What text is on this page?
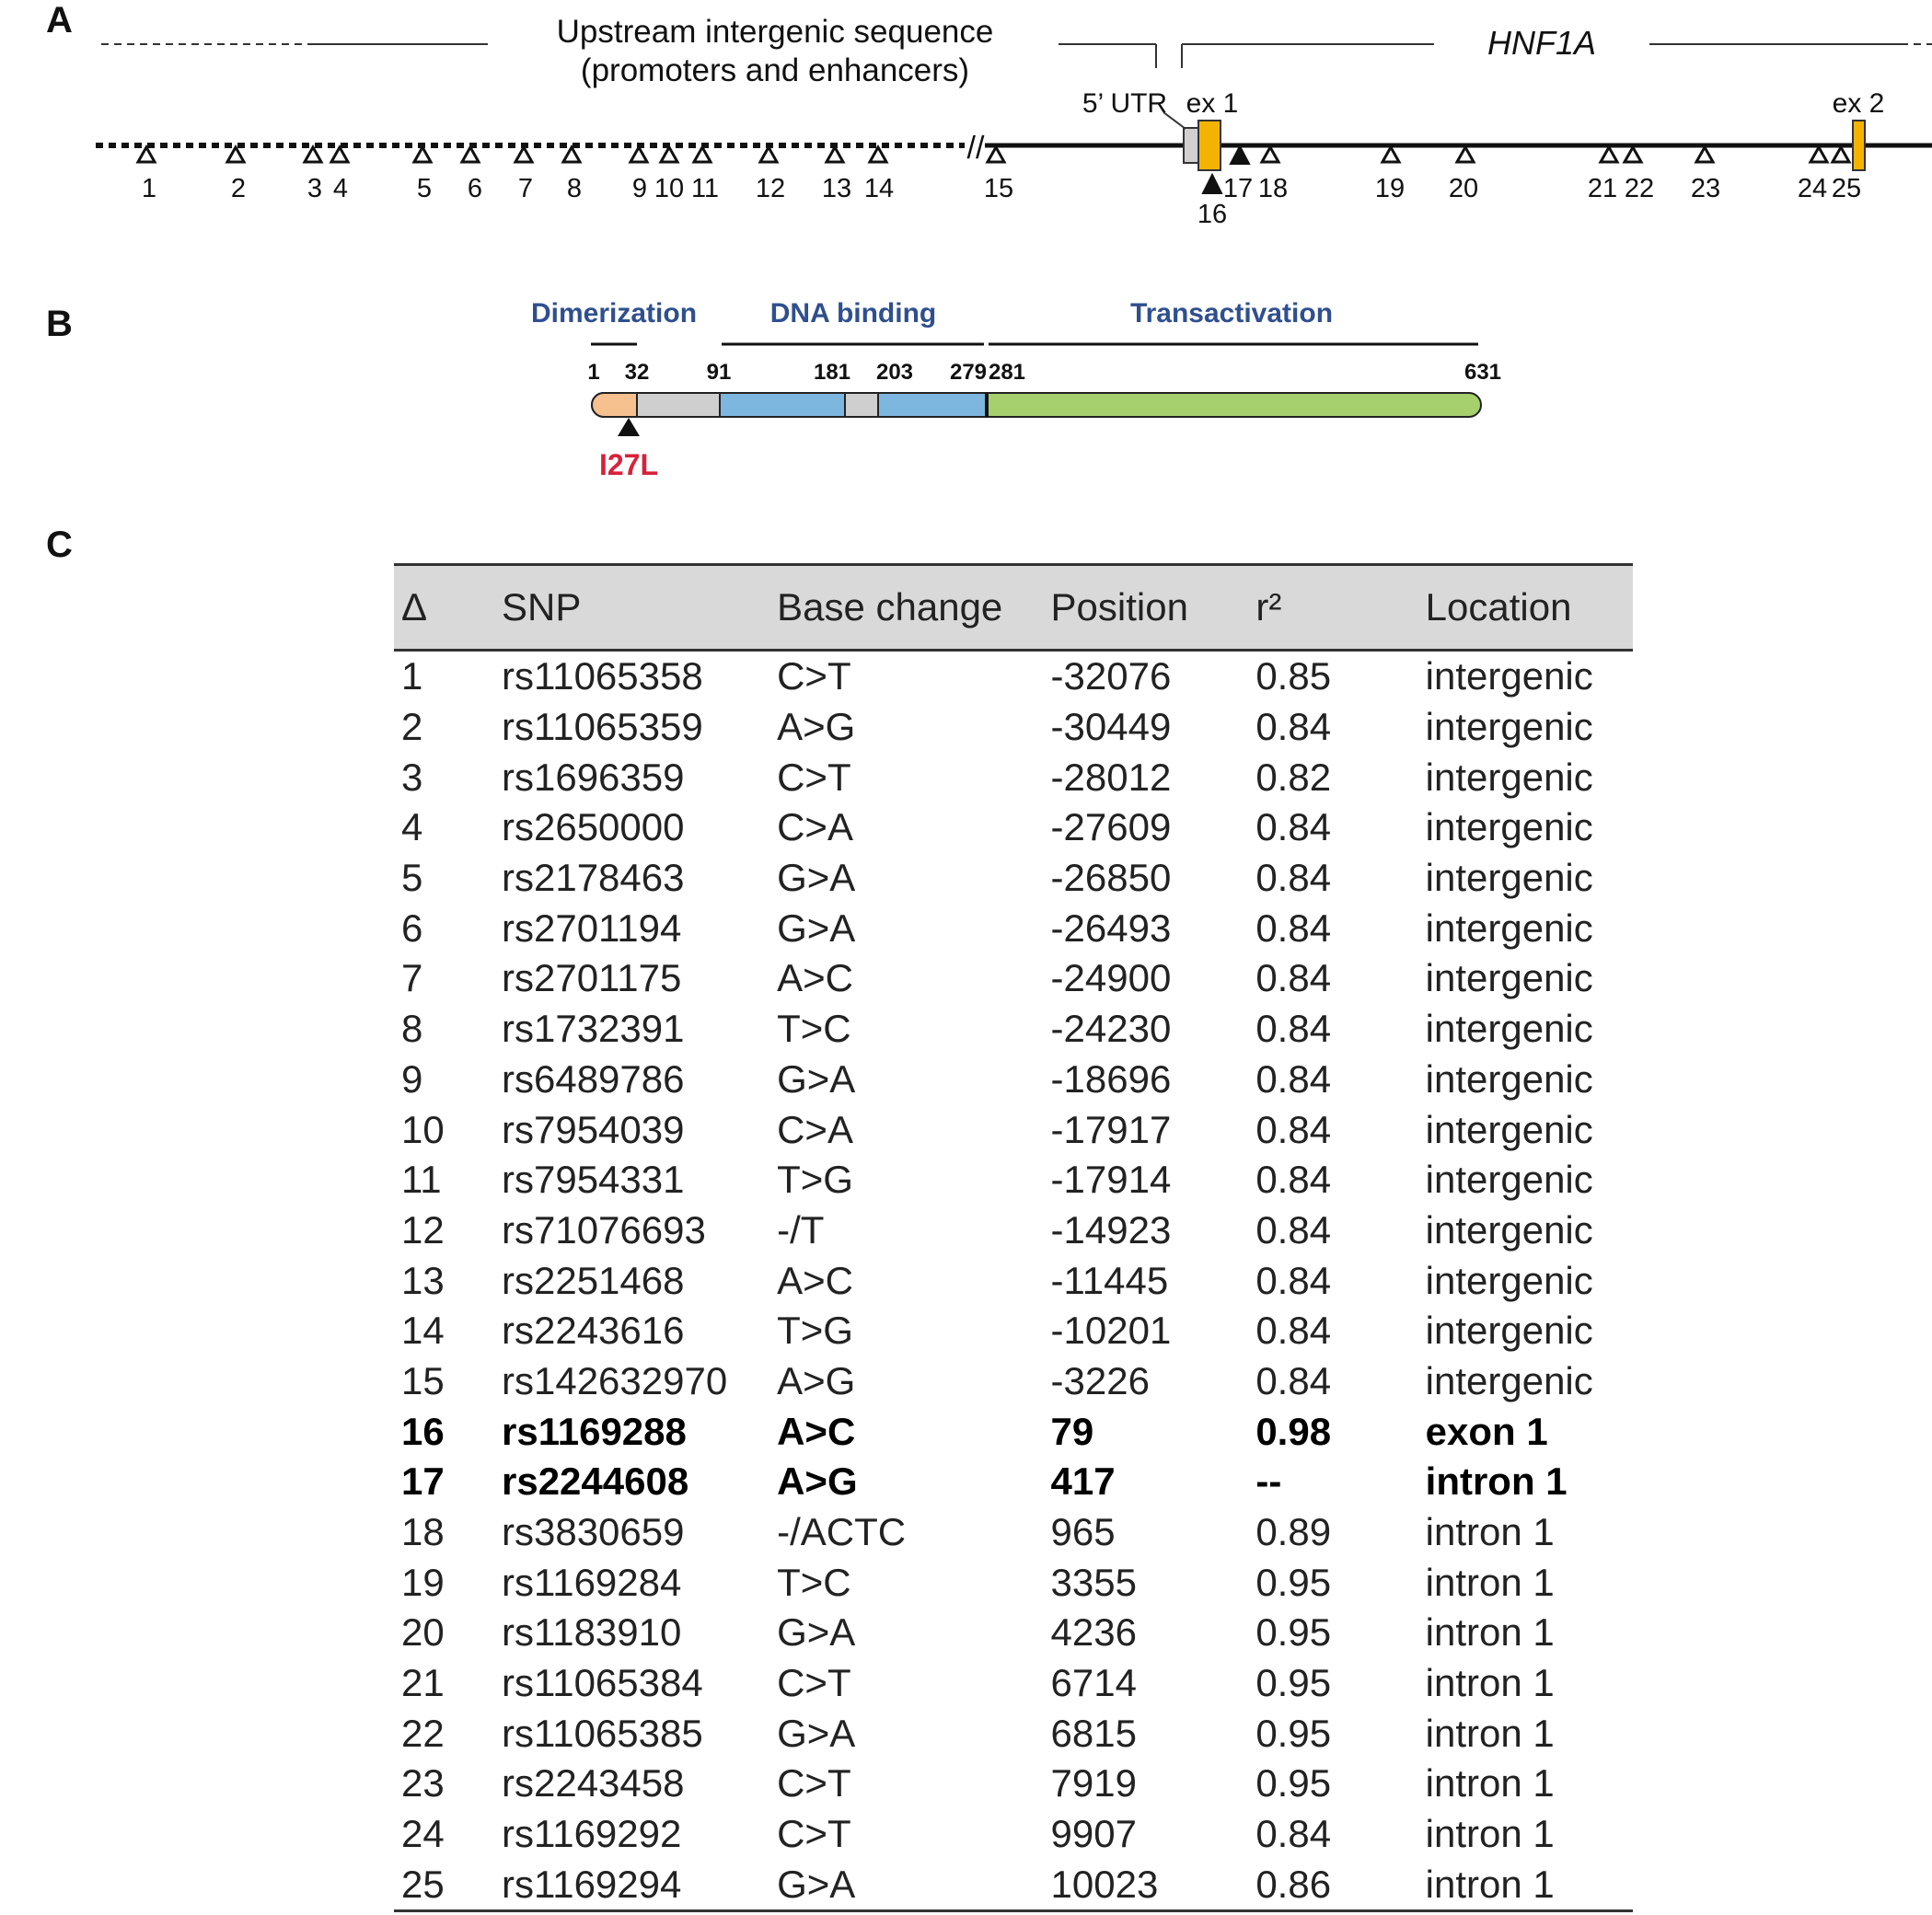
A
B
C
Upstream intergenic sequence
(promoters and enhancers)
HNF1A
//
5’ UTR ex 1	ex 2
1	2 3 4	5 6 7 8 9 10 11 12 13 14	15
16
17 18	19 20	21 22 23	24 25
Dimerization	DNA binding	Transactivation
1 32	91	181 203 279 281	631
I27L
Δ	SNP	Base change	Position	r²	Location
1	rs11065358	C>T	-32076	0.85	intergenic
2	rs11065359	A>G	-30449	0.84	intergenic
3	rs1696359	C>T	-28012	0.82	intergenic
4	rs2650000	C>A	-27609	0.84	intergenic
5	rs2178463	G>A	-26850	0.84	intergenic
6	rs2701194	G>A	-26493	0.84	intergenic
7	rs2701175	A>C	-24900	0.84	intergenic
8	rs1732391	T>C	-24230	0.84	intergenic
9	rs6489786	G>A	-18696	0.84	intergenic
10	rs7954039	C>A	-17917	0.84	intergenic
11	rs7954331	T>G	-17914	0.84	intergenic
12	rs71076693	-/T	-14923	0.84	intergenic
13	rs2251468	A>C	-11445	0.84	intergenic
14	rs2243616	T>G	-10201	0.84	intergenic
15	rs142632970	A>G	-3226	0.84	intergenic
16	rs1169288	A>C	79	0.98	exon 1
17	rs2244608	A>G	417	--	intron 1
18	rs3830659	-/ACTC	965	0.89	intron 1
19	rs1169284	T>C	3355	0.95	intron 1
20	rs1183910	G>A	4236	0.95	intron 1
21	rs11065384	C>T	6714	0.95	intron 1
22	rs11065385	G>A	6815	0.95	intron 1
23	rs2243458	C>T	7919	0.95	intron 1
24	rs1169292	C>T	9907	0.84	intron 1
25	rs1169294	G>A	10023	0.86	intron 1
